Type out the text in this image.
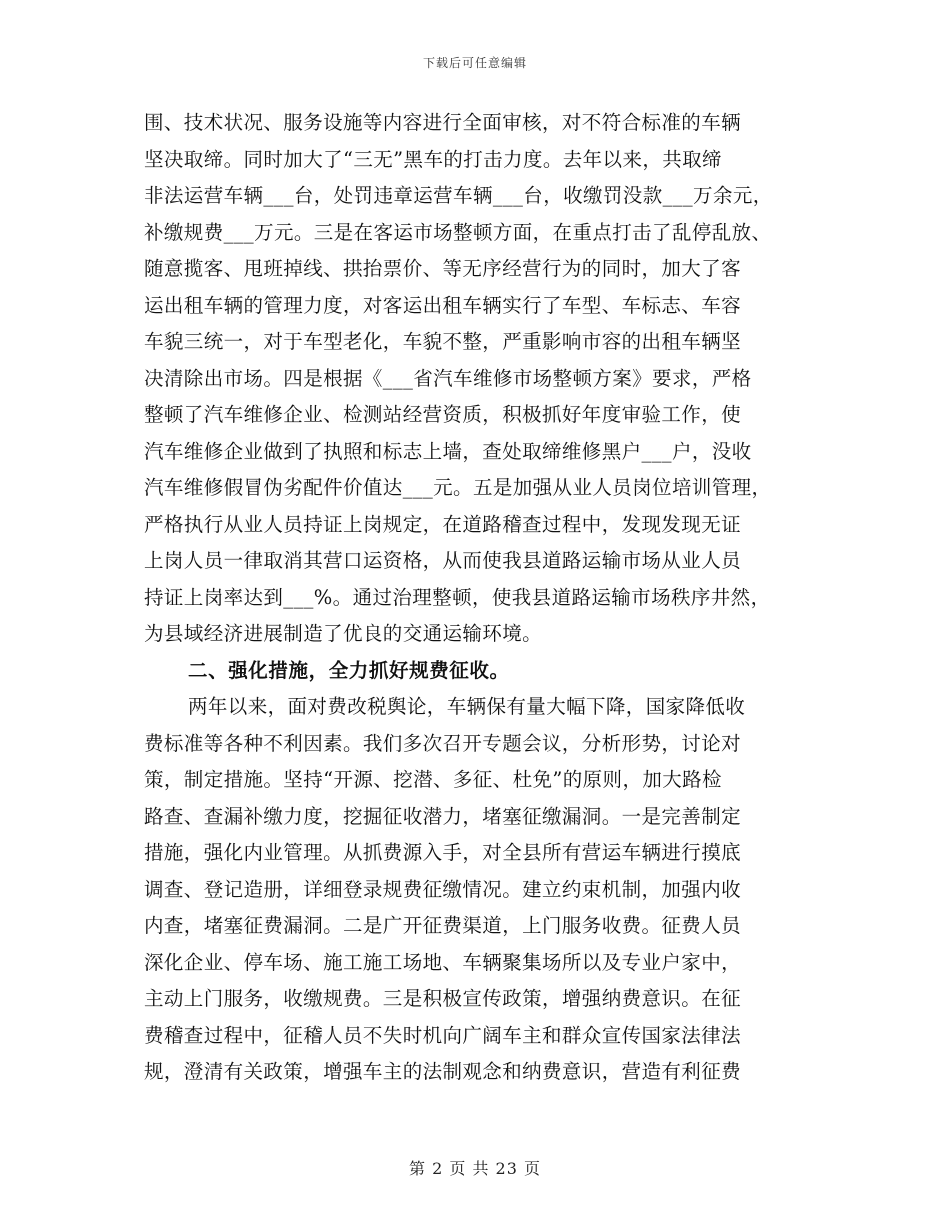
下载后可任意编辑
围、技术状况、服务设施等内容进行全面审核，对不符合标准的车辆
坚决取缔。同时加大了“三无”黑车的打击力度。去年以来，共取缔
非法运营车辆___台，处罚违章运营车辆___台，收缴罚没款___万余元，
补缴规费___万元。三是在客运市场整顿方面，在重点打击了乱停乱放、
随意揽客、甩班掉线、拱抬票价、等无序经营行为的同时，加大了客
运出租车辆的管理力度，对客运出租车辆实行了车型、车标志、车容
车貌三统一，对于车型老化，车貌不整，严重影响市容的出租车辆坚
决清除出市场。四是根据《___省汽车维修市场整顿方案》要求，严格
整顿了汽车维修企业、检测站经营资质，积极抓好年度审验工作，使
汽车维修企业做到了执照和标志上墙，查处取缔维修黑户___户，没收
汽车维修假冒伪劣配件价值达___元。五是加强从业人员岗位培训管理，
严格执行从业人员持证上岗规定，在道路稽查过程中，发现发现无证
上岗人员一律取消其营口运资格，从而使我县道路运输市场从业人员
持证上岗率达到___%。通过治理整顿，使我县道路运输市场秩序井然，
为县域经济进展制造了优良的交通运输环境。
二、强化措施，全力抓好规费征收。
两年以来，面对费改税舆论，车辆保有量大幅下降，国家降低收
费标准等各种不利因素。我们多次召开专题会议，分析形势，讨论对
策，制定措施。坚持“开源、挖潜、多征、杜免”的原则，加大路检
路查、查漏补缴力度，挖掘征收潜力，堵塞征缴漏洞。一是完善制定
措施，强化内业管理。从抓费源入手，对全县所有营运车辆进行摸底
调查、登记造册，详细登录规费征缴情况。建立约束机制，加强内收
内查，堵塞征费漏洞。二是广开征费渠道，上门服务收费。征费人员
深化企业、停车场、施工施工场地、车辆聚集场所以及专业户家中，
主动上门服务，收缴规费。三是积极宣传政策，增强纳费意识。在征
费稽查过程中，征稽人员不失时机向广阔车主和群众宣传国家法律法
规，澄清有关政策，增强车主的法制观念和纳费意识，营造有利征费
第 2 页 共 23 页
